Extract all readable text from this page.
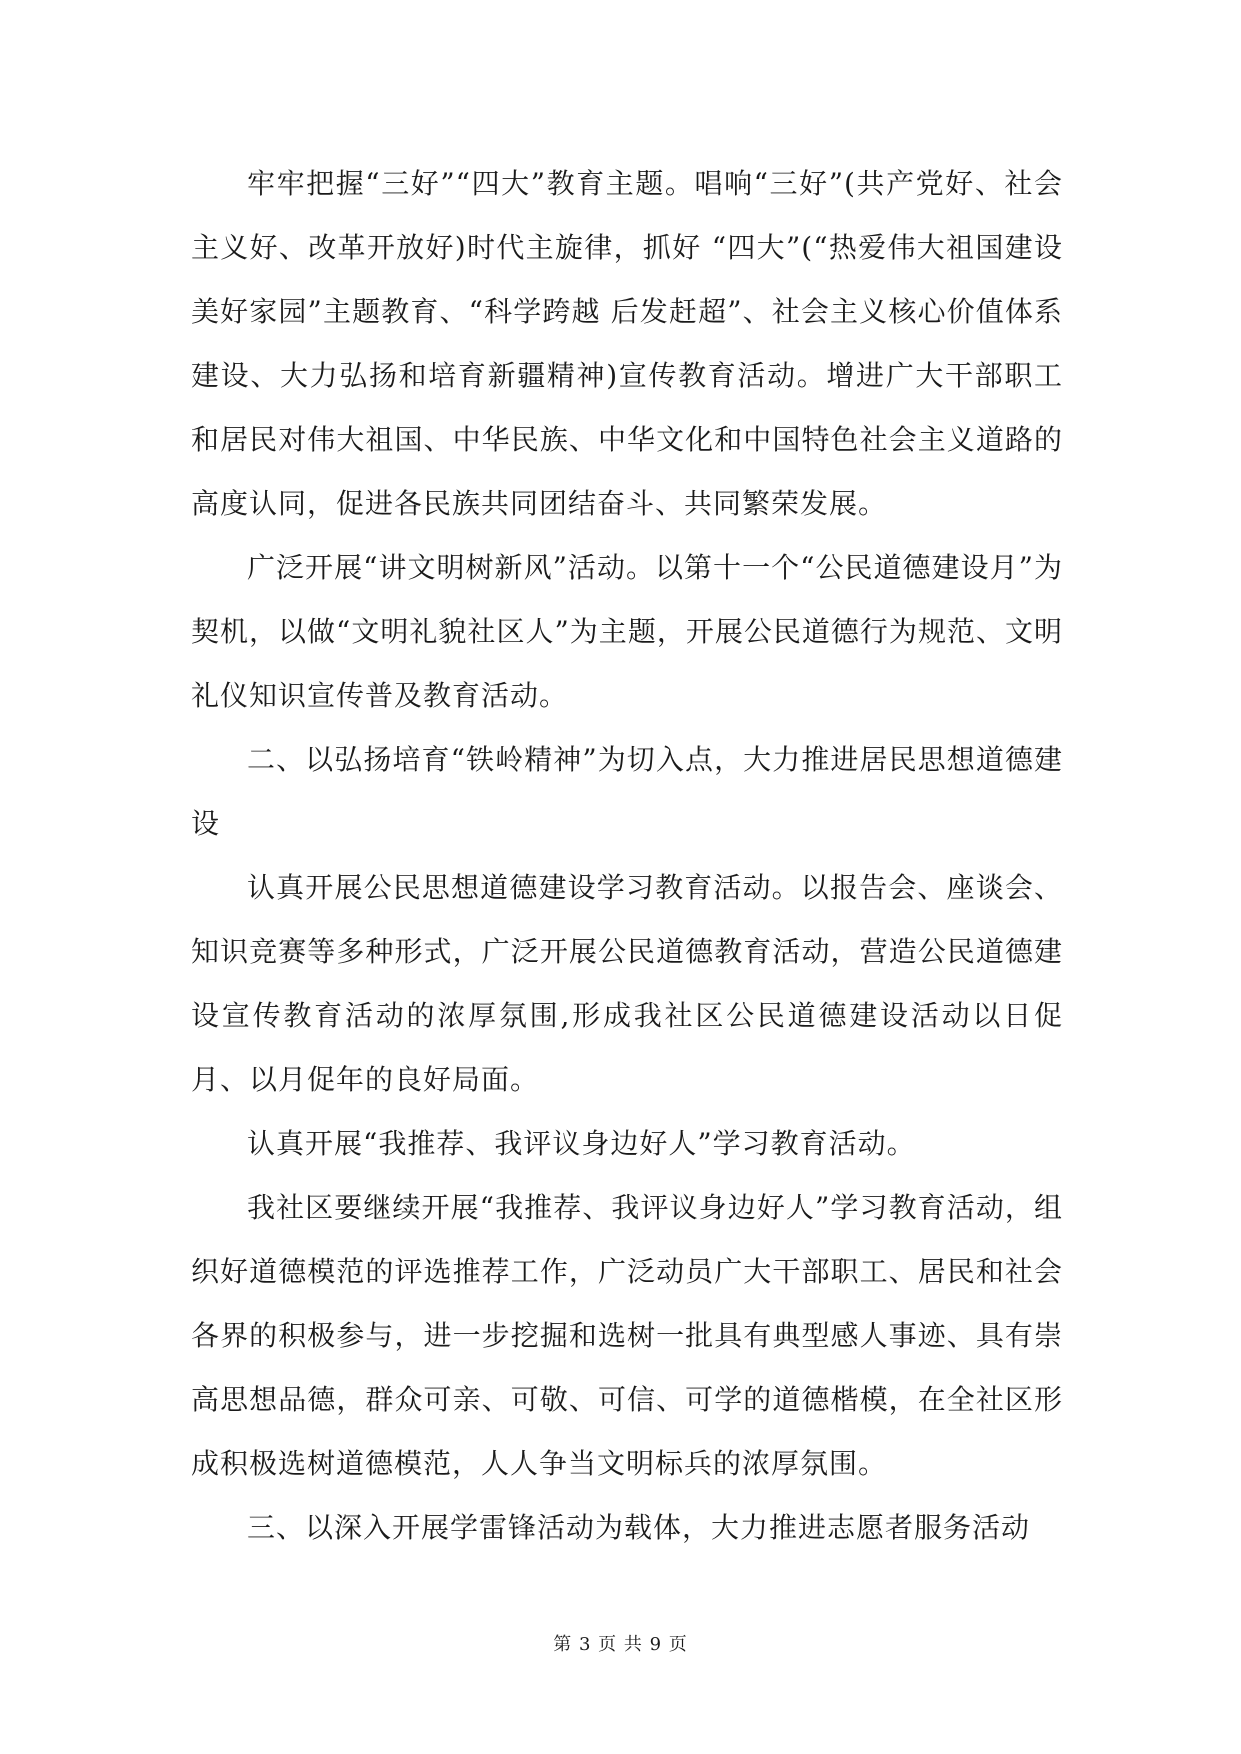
牢牢把握“三好”“四大”教育主题。唱响“三好”(共产党好、社会主义好、改革开放好)时代主旋律，抓好 “四大”(“热爱伟大祖国建设美好家园”主题教育、“科学跨越 后发赶超”、社会主义核心价值体系建设、大力弘扬和培育新疆精神)宣传教育活动。增进广大干部职工和居民对伟大祖国、中华民族、中华文化和中国特色社会主义道路的高度认同，促进各民族共同团结奋斗、共同繁荣发展。

广泛开展“讲文明树新风”活动。以第十一个“公民道德建设月”为契机，以做“文明礼貌社区人”为主题，开展公民道德行为规范、文明礼仪知识宣传普及教育活动。

二、以弘扬培育“铁岭精神”为切入点，大力推进居民思想道德建设

认真开展公民思想道德建设学习教育活动。以报告会、座谈会、知识竞赛等多种形式，广泛开展公民道德教育活动，营造公民道德建设宣传教育活动的浓厚氛围,形成我社区公民道德建设活动以日促月、以月促年的良好局面。

认真开展“我推荐、我评议身边好人”学习教育活动。

我社区要继续开展“我推荐、我评议身边好人”学习教育活动，组织好道德模范的评选推荐工作，广泛动员广大干部职工、居民和社会各界的积极参与，进一步挖掘和选树一批具有典型感人事迹、具有崇高思想品德，群众可亲、可敬、可信、可学的道德楷模，在全社区形成积极选树道德模范，人人争当文明标兵的浓厚氛围。

三、以深入开展学雷锋活动为载体，大力推进志愿者服务活动

第 3 页 共 9 页
